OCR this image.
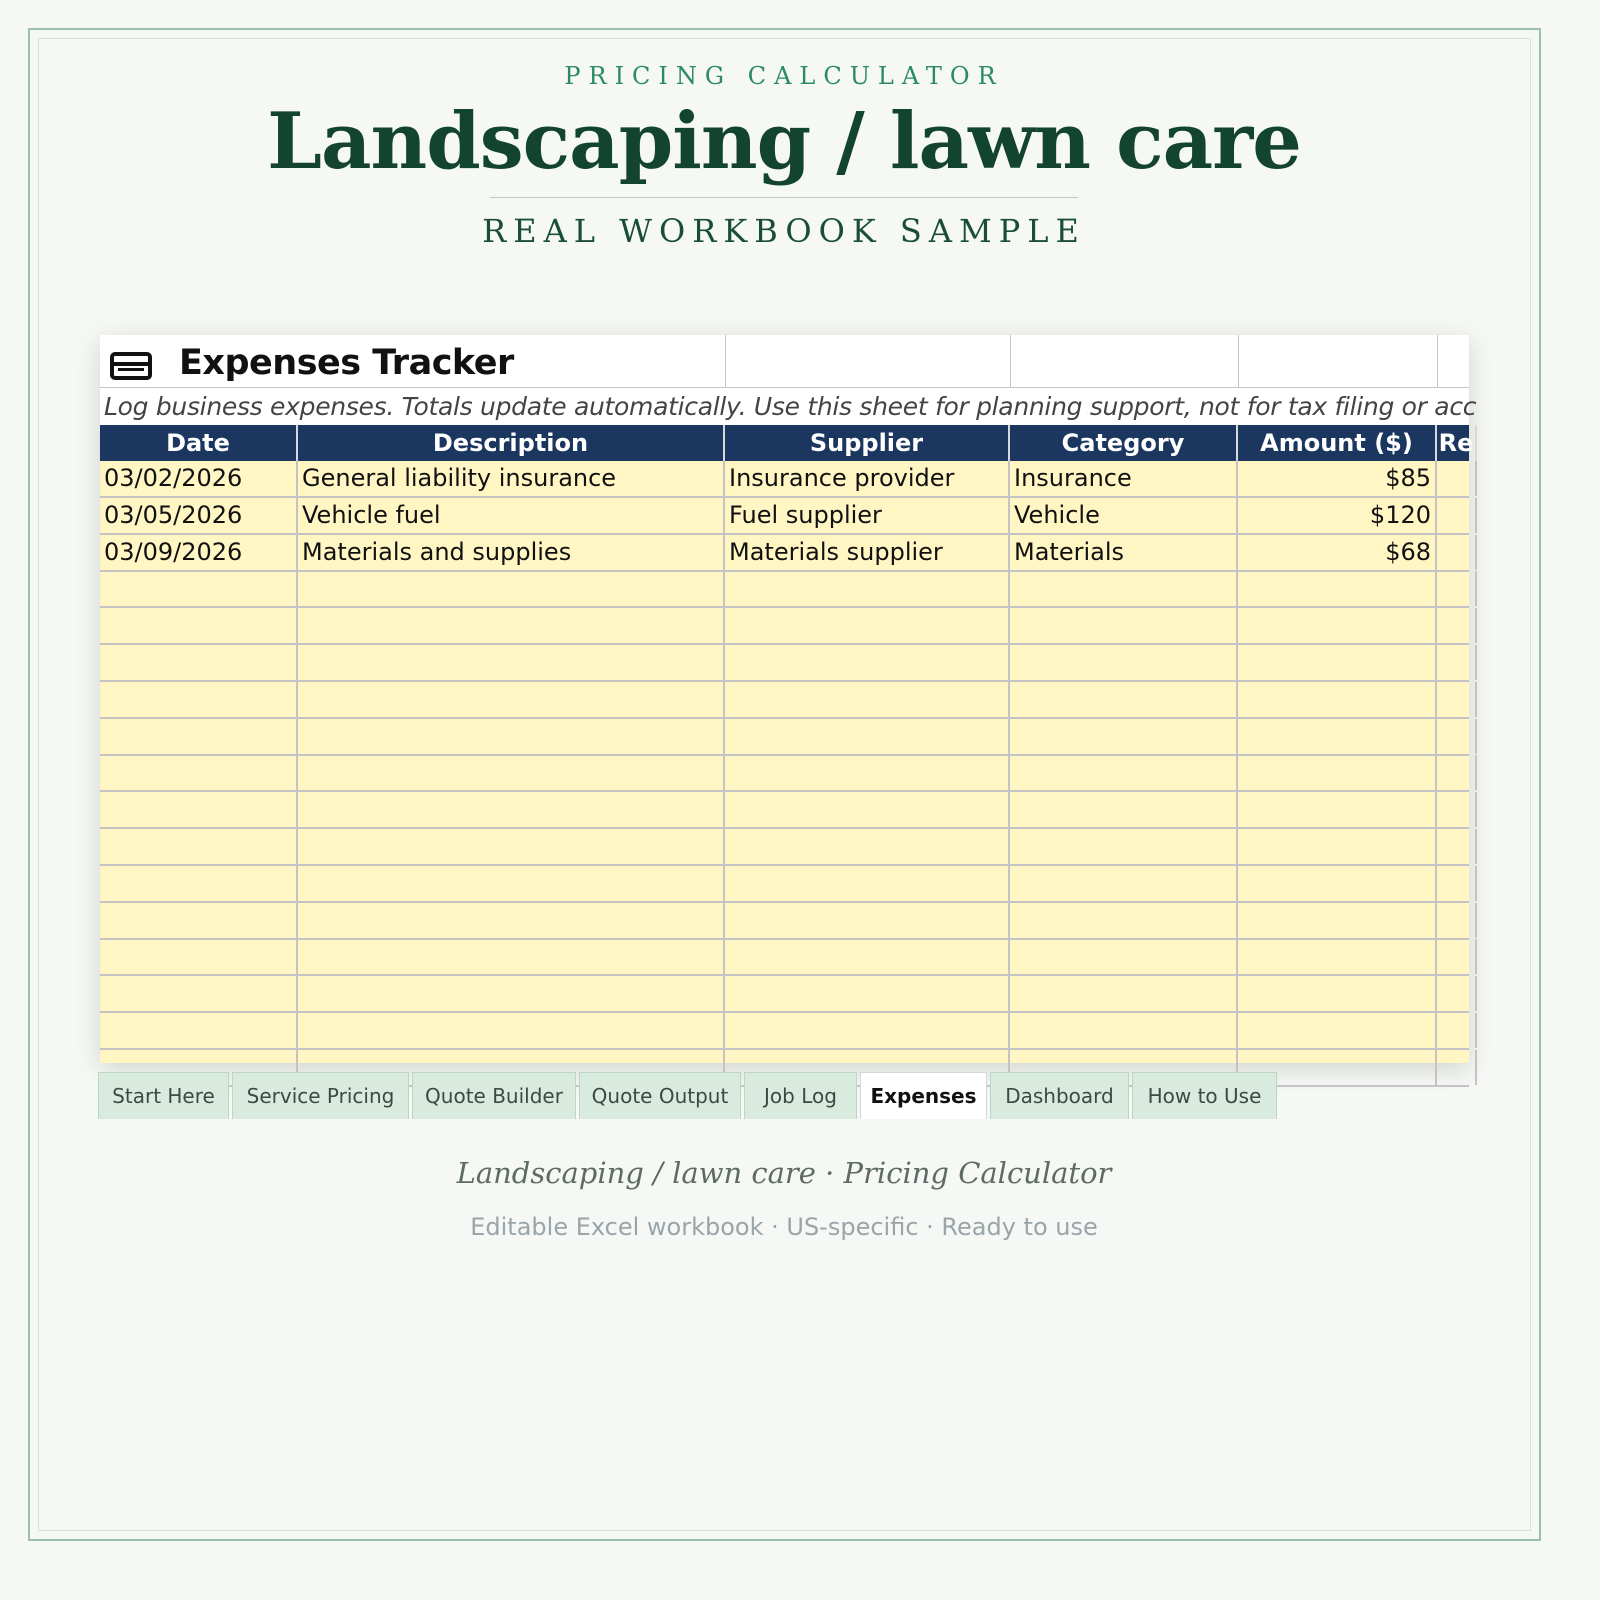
PRICING CALCULATOR
Landscaping / lawn care
REAL WORKBOOK SAMPLE
Expenses Tracker
Log business expenses. Totals update automatically. Use this sheet for planning support, not for tax filing or acc
Date	Description	Supplier	Category	Amount ($)	Re
03/02/2026	General liability insurance	Insurance provider	Insurance	$85
03/05/2026	Vehicle fuel	Fuel supplier	Vehicle	$120
03/09/2026	Materials and supplies	Materials supplier	Materials	$68
Start Here	Service Pricing	Quote Builder	Quote Output	Job Log	Expenses	Dashboard	How to Use
Landscaping / lawn care · Pricing Calculator
Editable Excel workbook · US-specific · Ready to use
